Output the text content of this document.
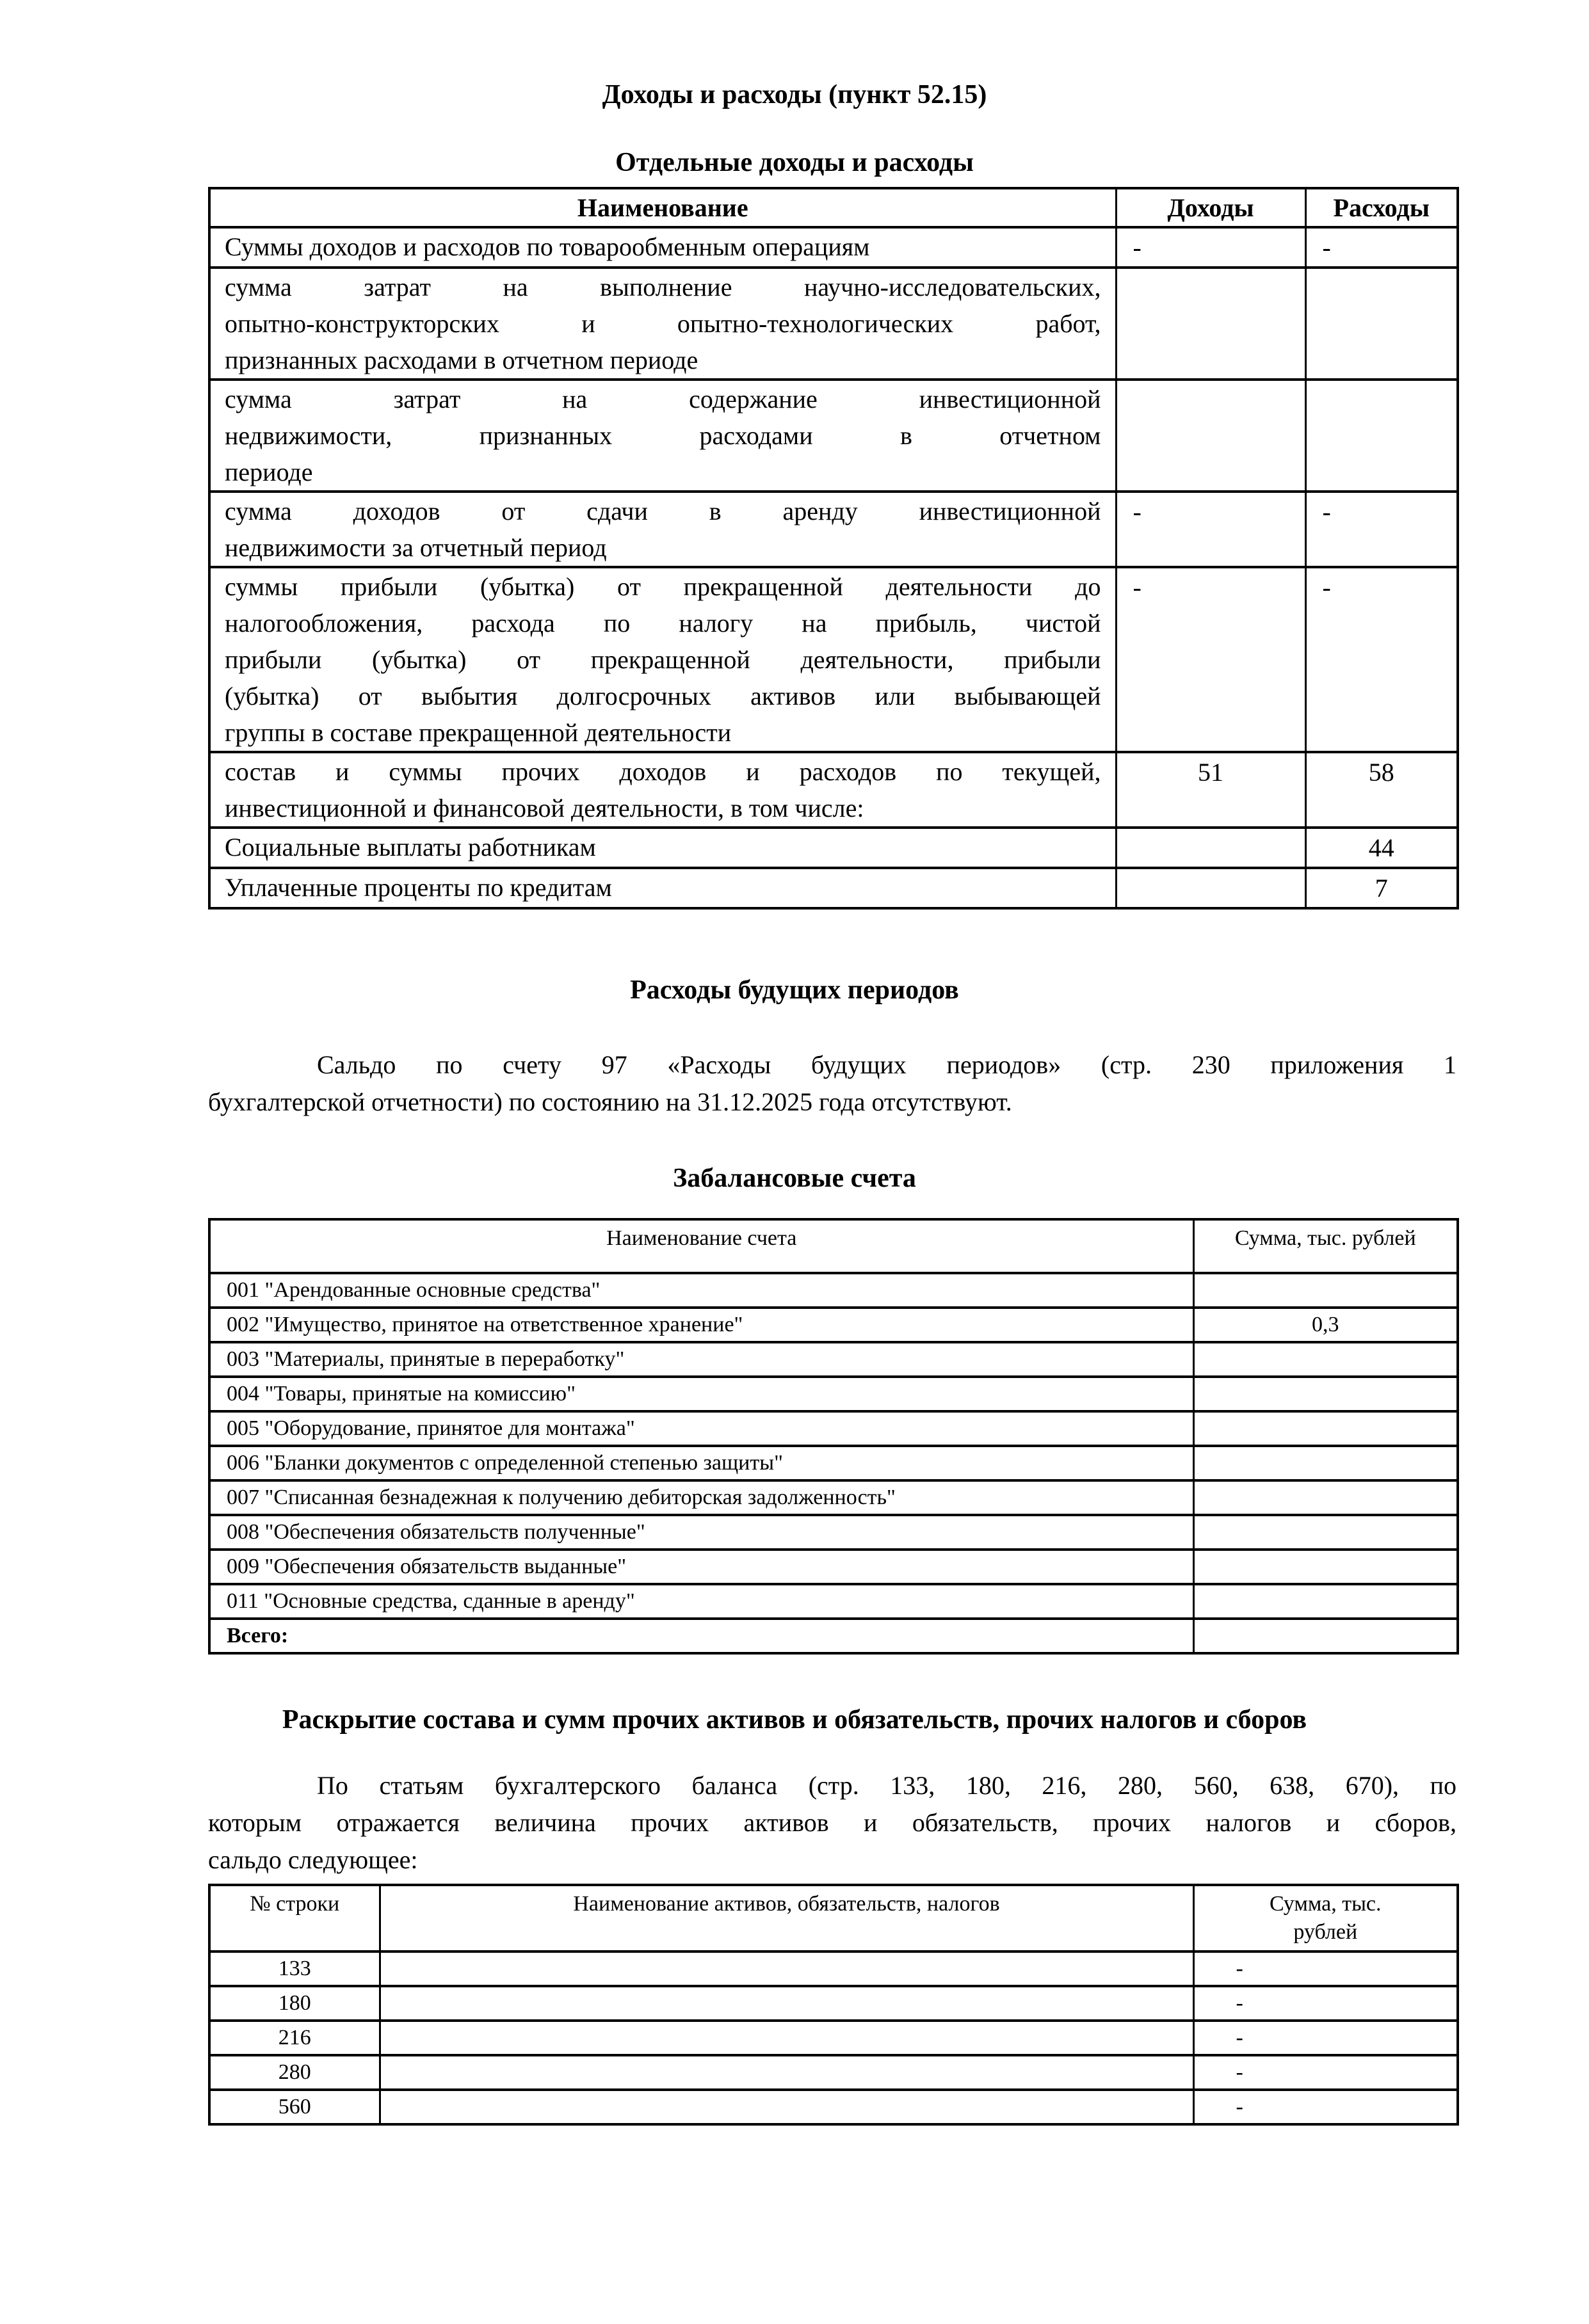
Доходы и расходы (пункт 52.15)
Отдельные доходы и расходы
Наименование	Доходы	Расходы

Суммы доходов и расходов по товарообменным операциям	-	-

сумма затрат на выполнение научно-исследовательских,
опытно-конструкторских и опытно-технологических работ,
признанных расходами в отчетном периоде		

сумма затрат на содержание инвестиционной
недвижимости, признанных расходами в отчетном
периоде		

сумма доходов от сдачи в аренду инвестиционной
недвижимости за отчетный период	-	-

суммы прибыли (убытка) от прекращенной деятельности до
налогообложения, расхода по налогу на прибыль, чистой
прибыли (убытка) от прекращенной деятельности, прибыли
(убытка) от выбытия долгосрочных активов или выбывающей
группы в составе прекращенной деятельности	-	-

состав и суммы прочих доходов и расходов по текущей,
инвестиционной и финансовой деятельности, в том числе:	51	58

Социальные выплаты работникам		44

Уплаченные проценты по кредитам		7
Расходы будущих периодов
Сальдо по счету 97 «Расходы будущих периодов» (стр. 230 приложения 1
бухгалтерской отчетности) по состоянию на 31.12.2025 года отсутствуют.
Забалансовые счета
Наименование счета	Сумма, тыс. рублей
001 "Арендованные основные средства"	
002 "Имущество, принятое на ответственное хранение"	0,3
003 "Материалы, принятые в переработку"	
004 "Товары, принятые на комиссию"	
005 "Оборудование, принятое для монтажа"	
006 "Бланки документов с определенной степенью защиты"	
007 "Списанная безнадежная к получению дебиторская задолженность"	
008 "Обеспечения обязательств полученные"	
009 "Обеспечения обязательств выданные"	
011 "Основные средства, сданные в аренду"	
Всего:	
Раскрытие состава и сумм прочих активов и обязательств, прочих налогов и сборов
По статьям бухгалтерского баланса (стр. 133, 180, 216, 280, 560, 638, 670), по
которым отражается величина прочих активов и обязательств, прочих налогов и сборов,
сальдо следующее:
№ строки	Наименование активов, обязательств, налогов	Сумма, тыс.
рублей

133		-
180		-
216		-
280		-
560		-
